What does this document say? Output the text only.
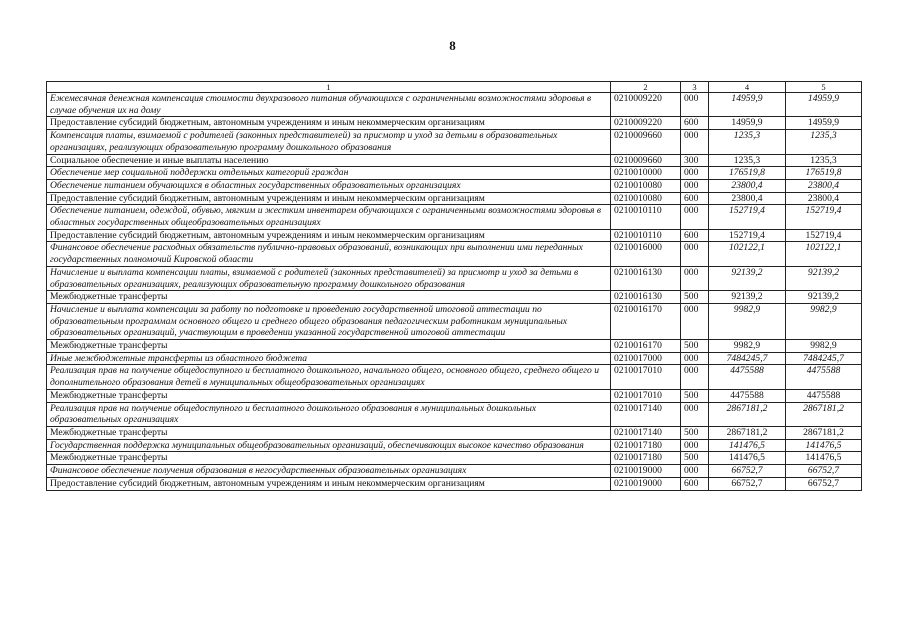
8
1	2	3	4	5
Ежемесячная денежная компенсация стоимости двухразового питания обучающихся с ограниченными возможностями здоровья в случае обучения их на дому	0210009220	000	14959,9	14959,9
Предоставление субсидий бюджетным, автономным учреждениям и иным некоммерческим организациям	0210009220	600	14959,9	14959,9
Компенсация платы, взимаемой с родителей (законных представителей) за присмотр и уход за детьми в образовательных организациях, реализующих образовательную программу дошкольного образования	0210009660	000	1235,3	1235,3
Социальное обеспечение и иные выплаты населению	0210009660	300	1235,3	1235,3
Обеспечение мер социальной поддержки отдельных категорий граждан	0210010000	000	176519,8	176519,8
Обеспечение питанием обучающихся в областных государственных образовательных организациях	0210010080	000	23800,4	23800,4
Предоставление субсидий бюджетным, автономным учреждениям и иным некоммерческим организациям	0210010080	600	23800,4	23800,4
Обеспечение питанием, одеждой, обувью, мягким и жестким инвентарем обучающихся с ограниченными возможностями здоровья в областных государственных общеобразовательных организациях	0210010110	000	152719,4	152719,4
Предоставление субсидий бюджетным, автономным учреждениям и иным некоммерческим организациям	0210010110	600	152719,4	152719,4
Финансовое обеспечение расходных обязательств публично-правовых образований, возникающих при выполнении ими переданных государственных полномочий Кировской области	0210016000	000	102122,1	102122,1
Начисление и выплата компенсации платы, взимаемой с родителей (законных представителей) за присмотр и уход за детьми в образовательных организациях, реализующих образовательную программу дошкольного образования	0210016130	000	92139,2	92139,2
Межбюджетные трансферты	0210016130	500	92139,2	92139,2
Начисление и выплата компенсации за работу по подготовке и проведению государственной итоговой аттестации по образовательным программам основного общего и среднего общего образования педагогическим работникам муниципальных образовательных организаций, участвующим в проведении указанной государственной итоговой аттестации	0210016170	000	9982,9	9982,9
Межбюджетные трансферты	0210016170	500	9982,9	9982,9
Иные межбюджетные трансферты из областного бюджета	0210017000	000	7484245,7	7484245,7
Реализация прав на получение общедоступного и бесплатного дошкольного, начального общего, основного общего, среднего общего и дополнительного образования детей в муниципальных общеобразовательных организациях	0210017010	000	4475588	4475588
Межбюджетные трансферты	0210017010	500	4475588	4475588
Реализация прав на получение общедоступного и бесплатного дошкольного образования в муниципальных дошкольных образовательных организациях	0210017140	000	2867181,2	2867181,2
Межбюджетные трансферты	0210017140	500	2867181,2	2867181,2
Государственная поддержка муниципальных общеобразовательных организаций, обеспечивающих высокое качество образования	0210017180	000	141476,5	141476,5
Межбюджетные трансферты	0210017180	500	141476,5	141476,5
Финансовое обеспечение получения образования в негосударственных образовательных организациях	0210019000	000	66752,7	66752,7
Предоставление субсидий бюджетным, автономным учреждениям и иным некоммерческим организациям	0210019000	600	66752,7	66752,7
